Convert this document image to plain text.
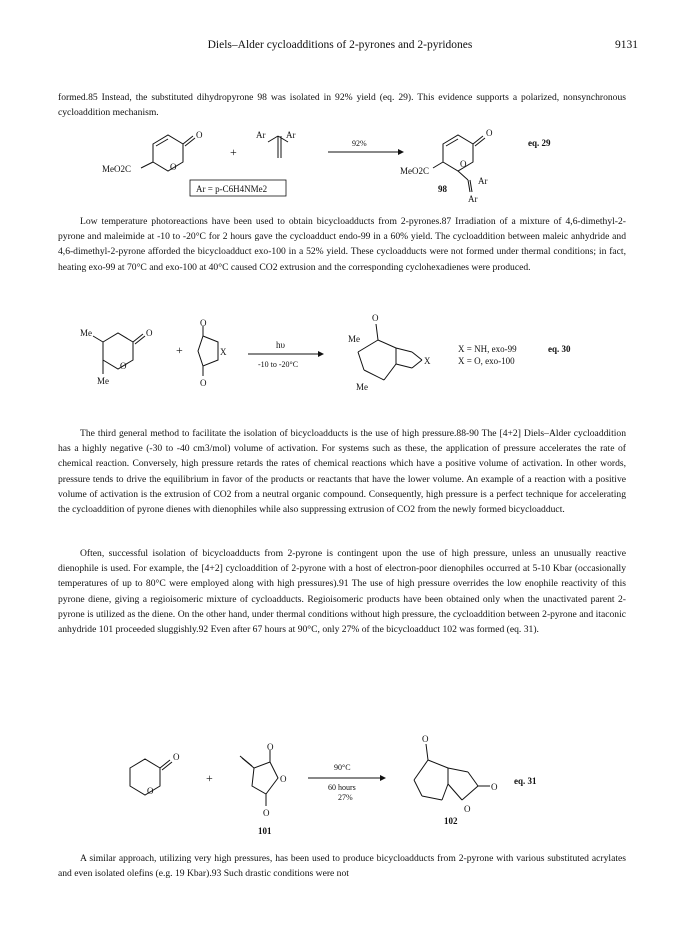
Diels–Alder cycloadditions of 2-pyrones and 2-pyridones	9131

formed.85 Instead, the substituted dihydropyrone 98 was isolated in 92% yield (eq. 29). This evidence supports a polarized, nonsynchronous cycloaddition mechanism.

O
O
MeO2C
+
Ar Ar
Ar = p-C6H4NMe2
92%
O
O
MeO2C
Ar
Ar
98
eq. 29

Low temperature photoreactions have been used to obtain bicycloadducts from 2-pyrones.87 Irradiation of a mixture of 4,6-dimethyl-2-pyrone and maleimide at -10 to -20°C for 2 hours gave the cycloadduct endo-99 in a 60% yield. The cycloaddition between maleic anhydride and 4,6-dimethyl-2-pyrone afforded the bicycloadduct exo-100 in a 52% yield. These cycloadducts were not formed under thermal conditions; in fact, heating exo-99 at 70°C and exo-100 at 40°C caused CO2 extrusion and the corresponding cyclohexadienes were produced.

Me
Me
O
O
+
O
O
X
hυ
-10 to -20°C
O
Me
Me
X
X = NH, exo-99
X = O, exo-100
eq. 30

The third general method to facilitate the isolation of bicycloadducts is the use of high pressure.88-90 The [4+2] Diels–Alder cycloaddition has a highly negative (-30 to -40 cm3/mol) volume of activation. For systems such as these, the application of pressure accelerates the rate of chemical reaction. Conversely, high pressure retards the rates of chemical reactions which have a positive volume of activation. In other words, pressure tends to drive the equilibrium in favor of the products or reactants that have the lower volume. An example of a reaction with a positive volume of activation is the extrusion of CO2 from a neutral organic compound. Consequently, high pressure is a perfect technique for accelerating the cycloaddition of pyrone dienes with dienophiles while also suppressing extrusion of CO2 from the newly formed bicycloadduct.

Often, successful isolation of bicycloadducts from 2-pyrone is contingent upon the use of high pressure, unless an unusually reactive dienophile is used. For example, the [4+2] cycloaddition of 2-pyrone with a host of electron-poor dienophiles occurred at 5-10 Kbar (occasionally temperatures of up to 80°C were employed along with high pressures).91 The use of high pressure overrides the low enophile reactivity of this pyrone diene, giving a regioisomeric mixture of cycloadducts. Regioisomeric products have been obtained only when the unactivated parent 2-pyrone is utilized as the diene. On the other hand, under thermal conditions without high pressure, the cycloaddition between 2-pyrone and itaconic anhydride 101 proceeded sluggishly.92 Even after 67 hours at 90°C, only 27% of the bicycloadduct 102 was formed (eq. 31).

O
O
+
O
O
O
101
90°C
60 hours
27%
O
O
O
102
eq. 31

A similar approach, utilizing very high pressures, has been used to produce bicycloadducts from 2-pyrone with various substituted acrylates and even isolated olefins (e.g. 19 Kbar).93 Such drastic conditions were not
